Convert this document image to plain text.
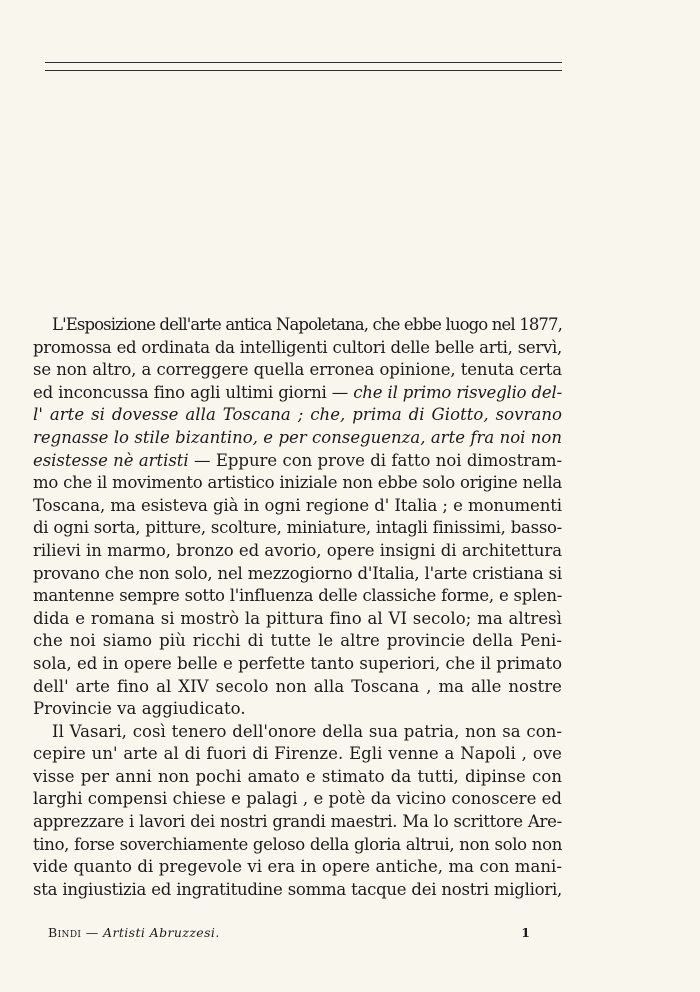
L'Esposizione dell'arte antica Napoletana, che ebbe luogo nel 1877,
promossa ed ordinata da intelligenti cultori delle belle arti, servì,
se non altro, a correggere quella erronea opinione, tenuta certa
ed inconcussa fino agli ultimi giorni — che il primo risveglio del-
l' arte si dovesse alla Toscana ; che, prima di Giotto, sovrano
regnasse lo stile bizantino, e per conseguenza, arte fra noi non
esistesse nè artisti — Eppure con prove di fatto noi dimostram-
mo che il movimento artistico iniziale non ebbe solo origine nella
Toscana, ma esisteva già in ogni regione d' Italia ; e monumenti
di ogni sorta, pitture, scolture, miniature, intagli finissimi, basso-
rilievi in marmo, bronzo ed avorio, opere insigni di architettura
provano che non solo, nel mezzogiorno d'Italia, l'arte cristiana si
mantenne sempre sotto l'influenza delle classiche forme, e splen-
dida e romana si mostrò la pittura fino al VI secolo; ma altresì
che noi siamo più ricchi di tutte le altre provincie della Peni-
sola, ed in opere belle e perfette tanto superiori, che il primato
dell' arte fino al XIV secolo non alla Toscana , ma alle nostre
Provincie va aggiudicato.
Il Vasari, così tenero dell'onore della sua patria, non sa con-
cepire un' arte al di fuori di Firenze. Egli venne a Napoli , ove
visse per anni non pochi amato e stimato da tutti, dipinse con
larghi compensi chiese e palagi , e potè da vicino conoscere ed
apprezzare i lavori dei nostri grandi maestri. Ma lo scrittore Are-
tino, forse soverchiamente geloso della gloria altrui, non solo non
vide quanto di pregevole vi era in opere antiche, ma con mani-
sta ingiustizia ed ingratitudine somma tacque dei nostri migliori,
Bindi — Artisti Abruzzesi.	1
